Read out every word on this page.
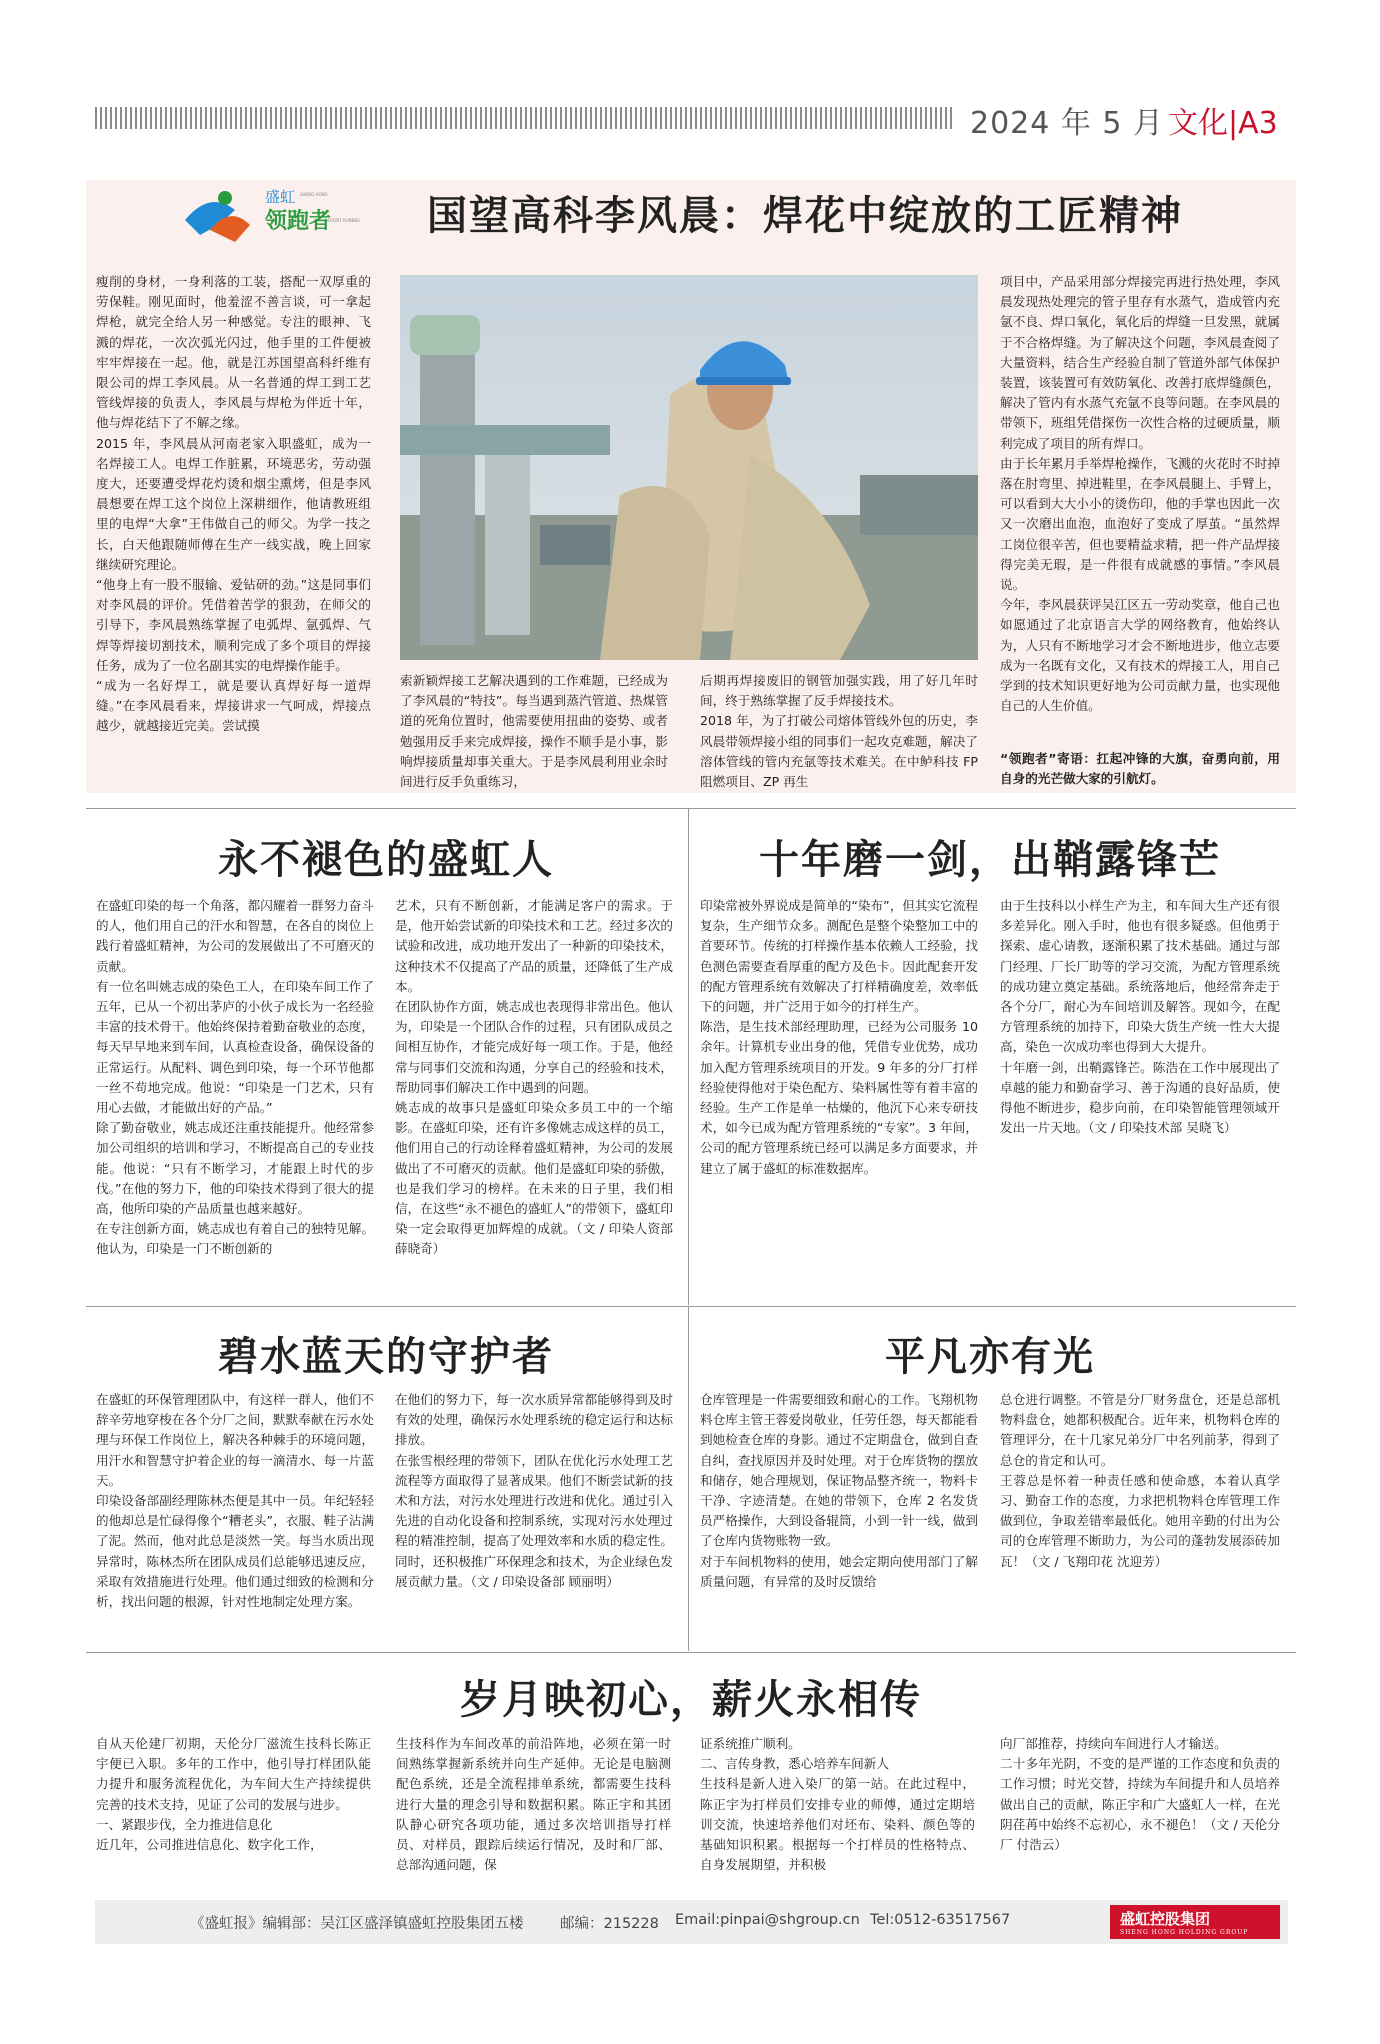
2024 年 5 月 文化|A3
盛虹
领跑者
SHENG HONG
FRONT RUNNER	国望高科李风晨：焊花中绽放的工匠精神
瘦削的身材，一身利落的工装，搭配一双厚重的劳保鞋。刚见面时，他羞涩不善言谈，可一拿起焊枪，就完全给人另一种感觉。专注的眼神、飞溅的焊花，一次次弧光闪过，他手里的工件便被牢牢焊接在一起。他，就是江苏国望高科纤维有限公司的焊工李风晨。从一名普通的焊工到工艺管线焊接的负责人，李风晨与焊枪为伴近十年，他与焊花结下了不解之缘。
2015 年，李风晨从河南老家入职盛虹，成为一名焊接工人。电焊工作脏累，环境恶劣，劳动强度大，还要遭受焊花灼烫和烟尘熏烤，但是李风晨想要在焊工这个岗位上深耕细作，他请教班组里的电焊“大拿”王伟做自己的师父。为学一技之长，白天他跟随师傅在生产一线实战，晚上回家继续研究理论。
“他身上有一股不服输、爱钻研的劲。”这是同事们对李风晨的评价。凭借着苦学的狠劲，在师父的引导下，李风晨熟练掌握了电弧焊、氩弧焊、气焊等焊接切割技术，顺利完成了多个项目的焊接任务，成为了一位名副其实的电焊操作能手。
“成为一名好焊工，就是要认真焊好每一道焊缝。”在李风晨看来，焊接讲求一气呵成，焊接点越少，就越接近完美。尝试摸
索新颖焊接工艺解决遇到的工作难题，已经成为了李风晨的“特技”。每当遇到蒸汽管道、热煤管道的死角位置时，他需要使用扭曲的姿势、或者勉强用反手来完成焊接，操作不顺手是小事，影响焊接质量却事关重大。于是李风晨利用业余时间进行反手负重练习，
后期再焊接废旧的钢管加强实践，用了好几年时间，终于熟练掌握了反手焊接技术。
2018 年，为了打破公司熔体管线外包的历史，李风晨带领焊接小组的同事们一起攻克难题，解决了溶体管线的管内充氩等技术难关。在中鲈科技 FP 阻燃项目、ZP 再生
项目中，产品采用部分焊接完再进行热处理，李风晨发现热处理完的管子里存有水蒸气，造成管内充氩不良、焊口氧化，氧化后的焊缝一旦发黑，就属于不合格焊缝。为了解决这个问题，李风晨查阅了大量资料，结合生产经验自制了管道外部气体保护装置，该装置可有效防氧化、改善打底焊缝颜色，解决了管内有水蒸气充氩不良等问题。在李风晨的带领下，班组凭借探伤一次性合格的过硬质量，顺利完成了项目的所有焊口。
由于长年累月手举焊枪操作，飞溅的火花时不时掉落在肘弯里、掉进鞋里，在李风晨腿上、手臂上，可以看到大大小小的烫伤印，他的手掌也因此一次又一次磨出血泡，血泡好了变成了厚茧。“虽然焊工岗位很辛苦，但也要精益求精，把一件产品焊接得完美无瑕，是一件很有成就感的事情。”李风晨说。
今年，李风晨获评吴江区五一劳动奖章，他自己也如愿通过了北京语言大学的网络教育，他始终认为，人只有不断地学习才会不断地进步，他立志要成为一名既有文化，又有技术的焊接工人，用自己学到的技术知识更好地为公司贡献力量，也实现他自己的人生价值。
“领跑者”寄语：扛起冲锋的大旗，奋勇向前，用自身的光芒做大家的引航灯。
永不褪色的盛虹人
在盛虹印染的每一个角落，都闪耀着一群努力奋斗的人，他们用自己的汗水和智慧，在各自的岗位上践行着盛虹精神，为公司的发展做出了不可磨灭的贡献。
有一位名叫姚志成的染色工人，在印染车间工作了五年，已从一个初出茅庐的小伙子成长为一名经验丰富的技术骨干。他始终保持着勤奋敬业的态度，每天早早地来到车间，认真检查设备，确保设备的正常运行。从配料、调色到印染，每一个环节他都一丝不苟地完成。他说：“印染是一门艺术，只有用心去做，才能做出好的产品。”
除了勤奋敬业，姚志成还注重技能提升。他经常参加公司组织的培训和学习，不断提高自己的专业技能。他说：“只有不断学习，才能跟上时代的步伐。”在他的努力下，他的印染技术得到了很大的提高，他所印染的产品质量也越来越好。
在专注创新方面，姚志成也有着自己的独特见解。他认为，印染是一门不断创新的
艺术，只有不断创新，才能满足客户的需求。于是，他开始尝试新的印染技术和工艺。经过多次的试验和改进，成功地开发出了一种新的印染技术，这种技术不仅提高了产品的质量，还降低了生产成本。
在团队协作方面，姚志成也表现得非常出色。他认为，印染是一个团队合作的过程，只有团队成员之间相互协作，才能完成好每一项工作。于是，他经常与同事们交流和沟通，分享自己的经验和技术，帮助同事们解决工作中遇到的问题。
姚志成的故事只是盛虹印染众多员工中的一个缩影。在盛虹印染，还有许多像姚志成这样的员工，他们用自己的行动诠释着盛虹精神，为公司的发展做出了不可磨灭的贡献。他们是盛虹印染的骄傲，也是我们学习的榜样。在未来的日子里，我们相信，在这些“永不褪色的盛虹人”的带领下，盛虹印染一定会取得更加辉煌的成就。（文 / 印染人资部 薛晓奇）
十年磨一剑，出鞘露锋芒
印染常被外界说成是简单的“染布”，但其实它流程复杂，生产细节众多。测配色是整个染整加工中的首要环节。传统的打样操作基本依赖人工经验，找色测色需要查看厚重的配方及色卡。因此配套开发的配方管理系统有效解决了打样精确度差，效率低下的问题，并广泛用于如今的打样生产。
陈浩，是生技术部经理助理，已经为公司服务 10 余年。计算机专业出身的他，凭借专业优势，成功加入配方管理系统项目的开发。9 年多的分厂打样经验使得他对于染色配方、染料属性等有着丰富的经验。生产工作是单一枯燥的，他沉下心来专研技术，如今已成为配方管理系统的“专家”。3 年间，公司的配方管理系统已经可以满足多方面要求，并建立了属于盛虹的标准数据库。
由于生技科以小样生产为主，和车间大生产还有很多差异化。刚入手时，他也有很多疑惑。但他勇于探索、虚心请教，逐渐积累了技术基础。通过与部门经理、厂长厂助等的学习交流，为配方管理系统的成功建立奠定基础。系统落地后，他经常奔走于各个分厂，耐心为车间培训及解答。现如今，在配方管理系统的加持下，印染大货生产统一性大大提高，染色一次成功率也得到大大提升。
十年磨一剑，出鞘露锋芒。陈浩在工作中展现出了卓越的能力和勤奋学习、善于沟通的良好品质，使得他不断进步，稳步向前，在印染智能管理领域开发出一片天地。（文 / 印染技术部 吴晓飞）
碧水蓝天的守护者
在盛虹的环保管理团队中，有这样一群人，他们不辞辛劳地穿梭在各个分厂之间，默默奉献在污水处理与环保工作岗位上，解决各种棘手的环境问题，用汗水和智慧守护着企业的每一滴清水、每一片蓝天。
印染设备部副经理陈林杰便是其中一员。年纪轻轻的他却总是忙碌得像个“糟老头”，衣服、鞋子沾满了泥。然而，他对此总是淡然一笑。每当水质出现异常时，陈林杰所在团队成员们总能够迅速反应，采取有效措施进行处理。他们通过细致的检测和分析，找出问题的根源，针对性地制定处理方案。
在他们的努力下，每一次水质异常都能够得到及时有效的处理，确保污水处理系统的稳定运行和达标排放。
在张雪根经理的带领下，团队在优化污水处理工艺流程等方面取得了显著成果。他们不断尝试新的技术和方法，对污水处理进行改进和优化。通过引入先进的自动化设备和控制系统，实现对污水处理过程的精准控制，提高了处理效率和水质的稳定性。同时，还积极推广环保理念和技术，为企业绿色发展贡献力量。（文 / 印染设备部 顾丽明）
平凡亦有光
仓库管理是一件需要细致和耐心的工作。飞翔机物料仓库主管王蓉爱岗敬业，任劳任怨，每天都能看到她检查仓库的身影。通过不定期盘仓，做到自查自纠，查找原因并及时处理。对于仓库货物的摆放和储存，她合理规划，保证物品整齐统一，物料卡干净、字迹清楚。在她的带领下，仓库 2 名发货员严格操作，大到设备辊筒，小到一针一线，做到了仓库内货物账物一致。
对于车间机物料的使用，她会定期向使用部门了解质量问题，有异常的及时反馈给
总仓进行调整。不管是分厂财务盘仓，还是总部机物料盘仓，她都积极配合。近年来，机物料仓库的管理评分，在十几家兄弟分厂中名列前茅，得到了总仓的肯定和认可。
王蓉总是怀着一种责任感和使命感，本着认真学习、勤奋工作的态度，力求把机物料仓库管理工作做到位，争取差错率最低化。她用辛勤的付出为公司的仓库管理不断助力，为公司的蓬勃发展添砖加瓦！（文 / 飞翔印花 沈迎芳）
岁月映初心，薪火永相传
自从天伦建厂初期，天伦分厂滋流生技科长陈正宇便已入职。多年的工作中，他引导打样团队能力提升和服务流程优化，为车间大生产持续提供完善的技术支持，见证了公司的发展与进步。
一、紧跟步伐，全力推进信息化
近几年，公司推进信息化、数字化工作，
生技科作为车间改革的前沿阵地，必须在第一时间熟练掌握新系统并向生产延伸。无论是电脑测配色系统，还是全流程排单系统，都需要生技科进行大量的理念引导和数据积累。陈正宇和其团队静心研究各项功能，通过多次培训指导打样员、对样员，跟踪后续运行情况，及时和厂部、总部沟通问题，保
证系统推广顺利。
二、言传身教，悉心培养车间新人
生技科是新人进入染厂的第一站。在此过程中，陈正宇为打样员们安排专业的师傅，通过定期培训交流，快速培养他们对坯布、染料、颜色等的基础知识积累。根据每一个打样员的性格特点、自身发展期望，并积极
向厂部推荐，持续向车间进行人才输送。
二十多年光阴，不变的是严谨的工作态度和负责的工作习惯；时光交替，持续为车间提升和人员培养做出自己的贡献，陈正宇和广大盛虹人一样，在光阴荏苒中始终不忘初心，永不褪色！（文 / 天伦分厂 付浩云）
《盛虹报》编辑部：吴江区盛泽镇盛虹控股集团五楼	邮编：215228 Email:pinpai@shgroup.cn Tel:0512-63517567	盛虹控股集团
SHENG HONG HOLDING GROUP
